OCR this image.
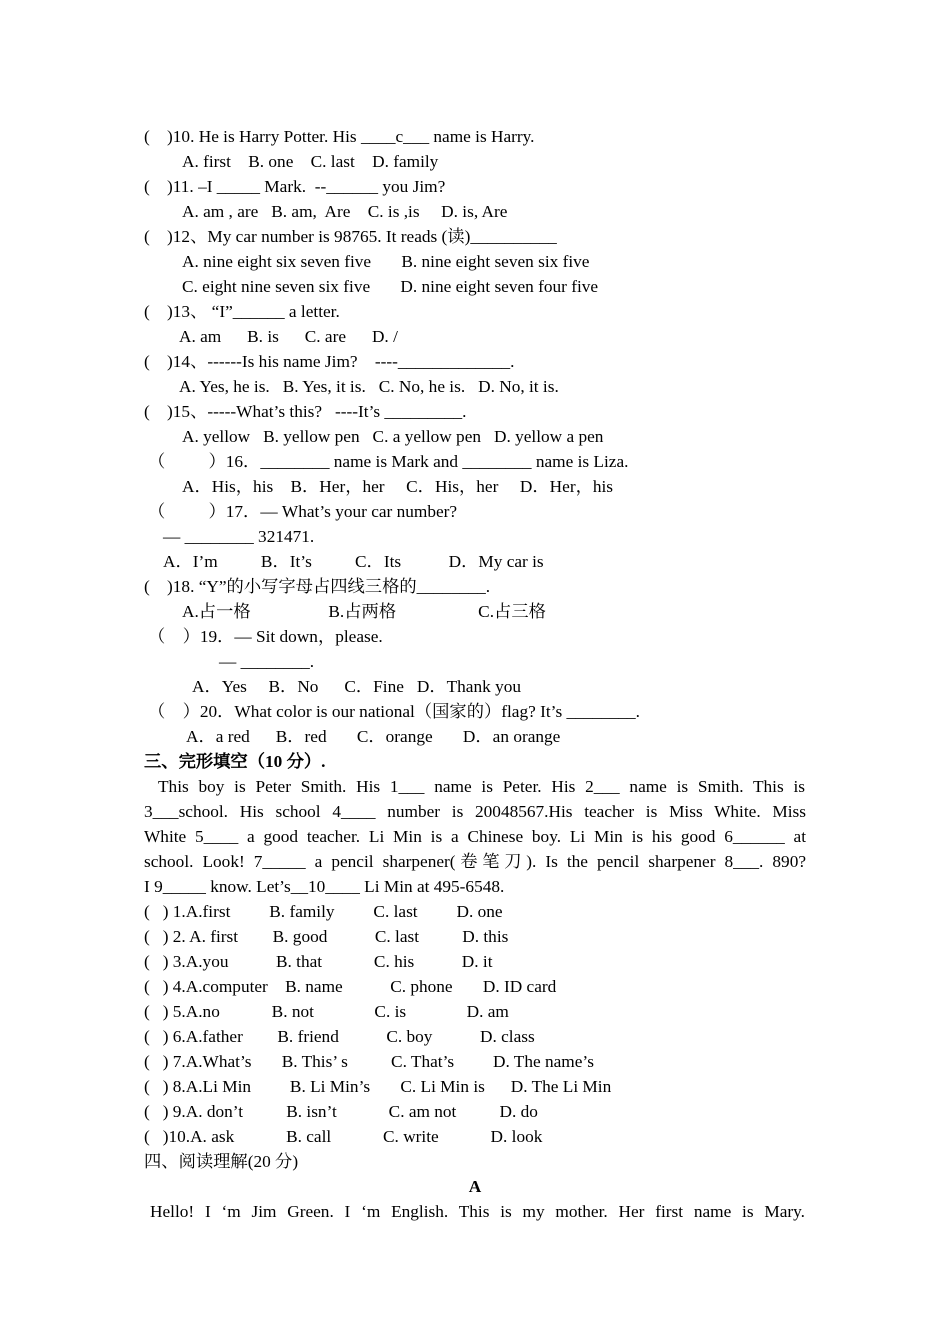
(    )10. He is Harry Potter. His ____c___ name is Harry.
A. first    B. one    C. last    D. family
(    )11. –I _____ Mark.  --______ you Jim?
A. am , are   B. am,  Are    C. is ,is     D. is, Are
(    )12、My car number is 98765. It reads (读)__________
A. nine eight six seven five       B. nine eight seven six five
C. eight nine seven six five       D. nine eight seven four five
(    )13、 “I”______ a letter.
A. am      B. is      C. are      D. /
(    )14、------Is his name Jim?    ----_____________.
A. Yes, he is.   B. Yes, it is.   C. No, he is.   D. No, it is.
(    )15、-----What’s this?   ----It’s _________.
A. yellow   B. yellow pen   C. a yellow pen   D. yellow a pen
（          ）16．________ name is Mark and ________ name is Liza.
A．His，his    B．Her，her     C．His，her     D．Her，his
（          ）17．— What’s your car number?
— ________ 321471.
A．I’m          B．It’s          C．Its           D．My car is
(    )18. “Y”的小写字母占四线三格的________.
A.占一格                  B.占两格                   C.占三格
（    ）19．— Sit down，please.
— ________.
A．Yes     B．No      C．Fine   D．Thank you
（    ）20．What color is our national（国家的）flag? It’s ________.
A．a red      B．red       C．orange       D．an orange
三、完形填空（10 分）.
This boy is Peter Smith. His 1___ name is Peter. His 2___ name is Smith. This is
3___school. His school 4____ number is 20048567.His teacher is Miss White. Miss
White 5____ a good teacher. Li Min is a Chinese boy. Li Min is his good 6______ at
school. Look! 7_____ a pencil sharpener(卷笔刀). Is the pencil sharpener 8___. 890?
I 9_____ know. Let’s__10____ Li Min at 495-6548.
(   ) 1.A.first         B. family         C. last         D. one
(   ) 2. A. first        B. good           C. last          D. this
(   ) 3.A.you           B. that            C. his           D. it
(   ) 4.A.computer    B. name           C. phone       D. ID card
(   ) 5.A.no            B. not              C. is              D. am
(   ) 6.A.father        B. friend           C. boy           D. class
(   ) 7.A.What’s       B. This’ s          C. That’s         D. The name’s
(   ) 8.A.Li Min         B. Li Min’s       C. Li Min is      D. The Li Min
(   ) 9.A. don’t          B. isn’t            C. am not          D. do
(   )10.A. ask            B. call            C. write            D. look
四、阅读理解(20 分)
A
Hello! I ‘m Jim Green. I ‘m English. This is my mother. Her first name is Mary.
